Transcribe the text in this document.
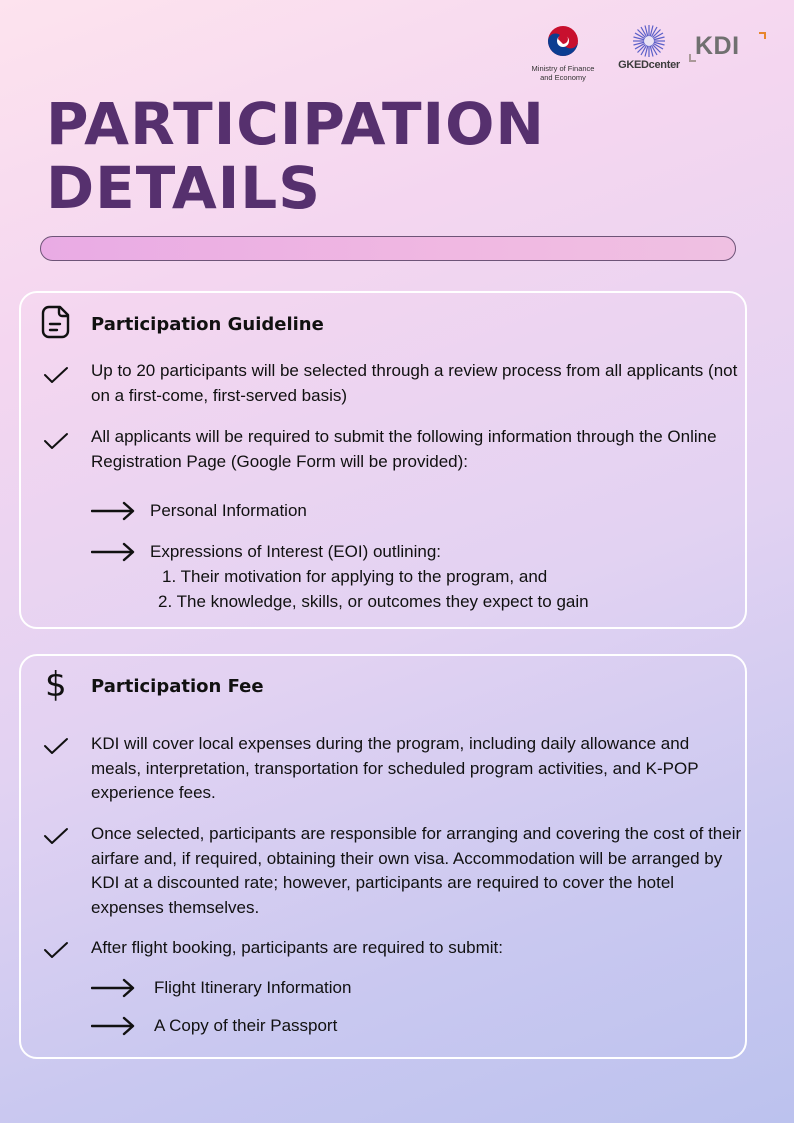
Ministry of Finance
and Economy
GKEDcenter
KDI
PARTICIPATION
DETAILS
Participation Guideline
Up to 20 participants will be selected through a review process from all applicants (not on a first-come, first-served basis)
All applicants will be required to submit the following information through the Online Registration Page (Google Form will be provided):
Personal Information
Expressions of Interest (EOI) outlining:
1. Their motivation for applying to the program, and
2. The knowledge, skills, or outcomes they expect to gain
$ Participation Fee
KDI will cover local expenses during the program, including daily allowance and meals, interpretation, transportation for scheduled program activities, and K-POP experience fees.
Once selected, participants are responsible for arranging and covering the cost of their airfare and, if required, obtaining their own visa. Accommodation will be arranged by KDI at a discounted rate; however, participants are required to cover the hotel expenses themselves.
After flight booking, participants are required to submit:
Flight Itinerary Information
A Copy of their Passport
